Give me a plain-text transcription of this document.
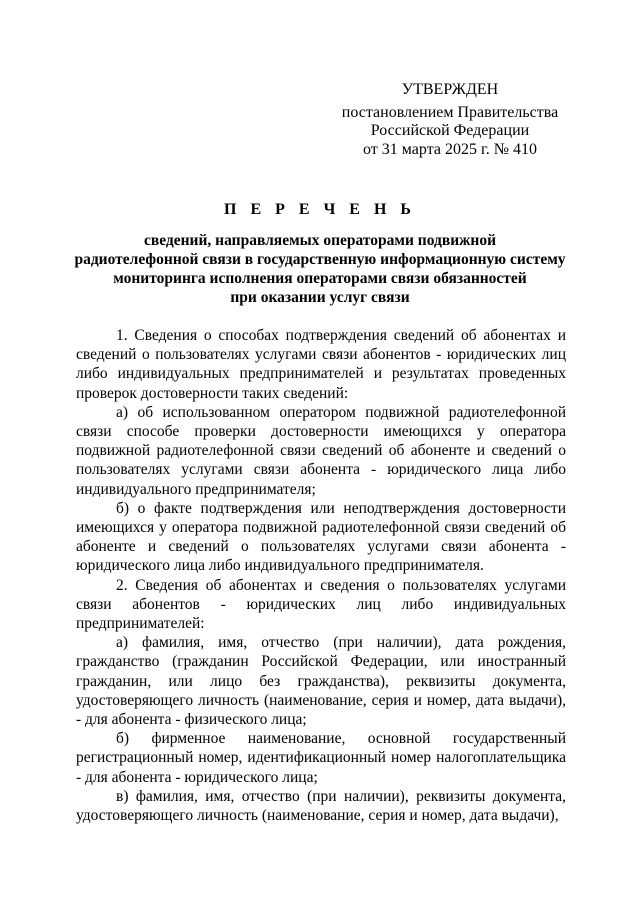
УТВЕРЖДЕН
постановлением Правительства
Российской Федерации
от 31 марта 2025 г. № 410
П Е Р Е Ч Е Н Ь
сведений, направляемых операторами подвижной
радиотелефонной связи в государственную информационную систему
мониторинга исполнения операторами связи обязанностей
при оказании услуг связи

1. Сведения о способах подтверждения сведений об абонентах и сведений о пользователях услугами связи абонентов - юридических лиц либо индивидуальных предпринимателей и результатах проведенных проверок достоверности таких сведений:

а) об использованном оператором подвижной радиотелефонной связи способе проверки достоверности имеющихся у оператора подвижной радиотелефонной связи сведений об абоненте и сведений о пользователях услугами связи абонента - юридического лица либо индивидуального предпринимателя;

б) о факте подтверждения или неподтверждения достоверности имеющихся у оператора подвижной радиотелефонной связи сведений об абоненте и сведений о пользователях услугами связи абонента - юридического лица либо индивидуального предпринимателя.

2. Сведения об абонентах и сведения о пользователях услугами связи абонентов - юридических лиц либо индивидуальных предпринимателей:

а) фамилия, имя, отчество (при наличии), дата рождения, гражданство (гражданин Российской Федерации, или иностранный гражданин, или лицо без гражданства), реквизиты документа, удостоверяющего личность (наименование, серия и номер, дата выдачи), - для абонента - физического лица;

б) фирменное наименование, основной государственный регистрационный номер, идентификационный номер налогоплательщика - для абонента - юридического лица;

в) фамилия, имя, отчество (при наличии), реквизиты документа, удостоверяющего личность (наименование, серия и номер, дата выдачи),
